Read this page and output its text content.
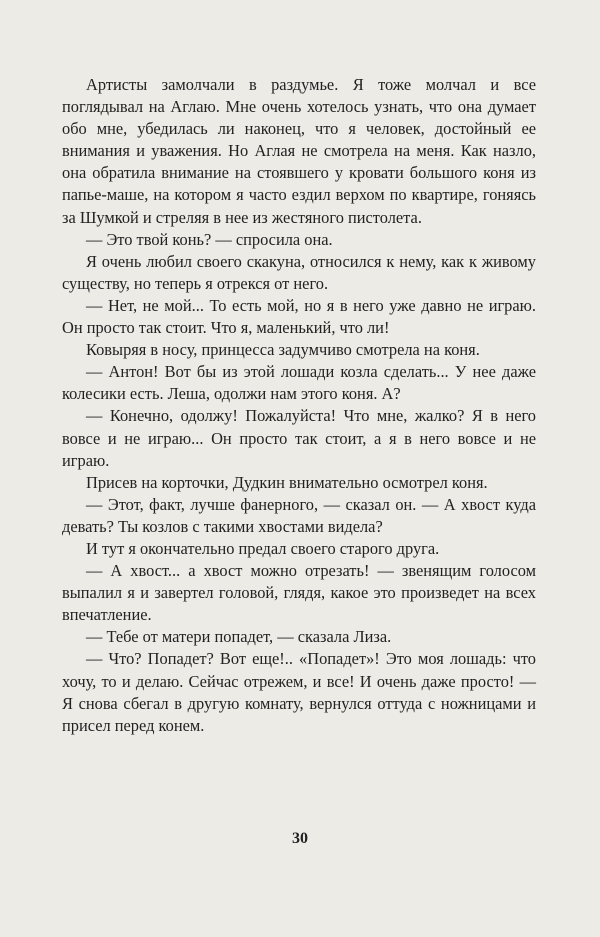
Артисты замолчали в раздумье. Я тоже молчал и все поглядывал на Аглаю. Мне очень хотелось узнать, что она думает обо мне, убедилась ли наконец, что я человек, достойный ее внимания и уважения. Но Аглая не смотрела на меня. Как назло, она обратила внимание на стоявшего у кровати большого коня из папье-маше, на котором я часто ездил верхом по квартире, гоняясь за Шумкой и стреляя в нее из жестяного пистолета.

— Это твой конь? — спросила она.

Я очень любил своего скакуна, относился к нему, как к живому существу, но теперь я отрекся от него.

— Нет, не мой... То есть мой, но я в него уже давно не играю. Он просто так стоит. Что я, маленький, что ли!

Ковыряя в носу, принцесса задумчиво смотрела на коня.

— Антон! Вот бы из этой лошади козла сделать... У нее даже колесики есть. Леша, одолжи нам этого коня. А?

— Конечно, одолжу! Пожалуйста! Что мне, жалко? Я в него вовсе и не играю... Он просто так стоит, а я в него вовсе и не играю.

Присев на корточки, Дудкин внимательно осмотрел коня.

— Этот, факт, лучше фанерного, — сказал он. — А хвост куда девать? Ты козлов с такими хвостами видела?

И тут я окончательно предал своего старого друга.

— А хвост... а хвост можно отрезать! — звенящим голосом выпалил я и завертел головой, глядя, какое это произведет на всех впечатление.

— Тебе от матери попадет, — сказала Лиза.

— Что? Попадет? Вот еще!.. «Попадет»! Это моя лошадь: что хочу, то и делаю. Сейчас отрежем, и все! И очень даже просто! — Я снова сбегал в другую комнату, вернулся оттуда с ножницами и присел перед конем.

30
